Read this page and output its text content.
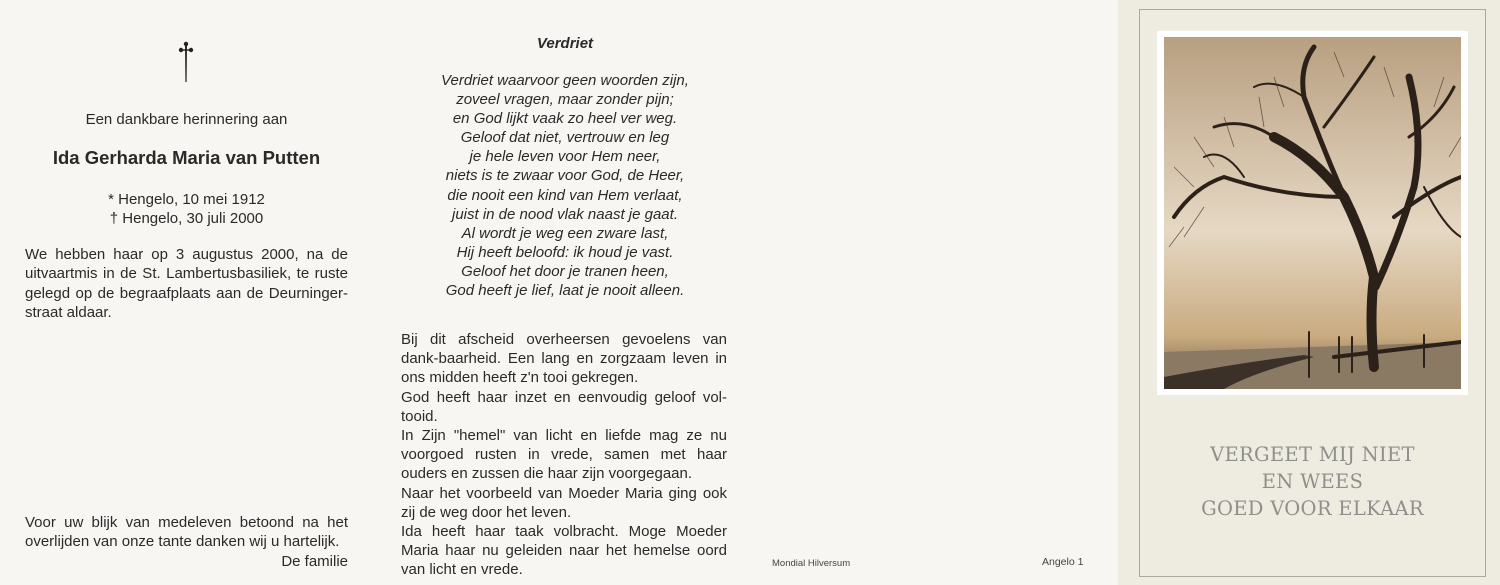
Een dankbare herinnering aan
Ida Gerharda Maria van Putten
* Hengelo, 10 mei 1912
† Hengelo, 30 juli 2000
We hebben haar op 3 augustus 2000, na de uitvaartmis in de St. Lambertusbasiliek, te ruste gelegd op de begraafplaats aan de Deurninger-straat aldaar.
Voor uw blijk van medeleven betoond na het overlijden van onze tante danken wij u hartelijk.
De familie
Verdriet
Verdriet waarvoor geen woorden zijn,
zoveel vragen, maar zonder pijn;
en God lijkt vaak zo heel ver weg.
Geloof dat niet, vertrouw en leg
je hele leven voor Hem neer,
niets is te zwaar voor God, de Heer,
die nooit een kind van Hem verlaat,
juist in de nood vlak naast je gaat.
Al wordt je weg een zware last,
Hij heeft beloofd: ik houd je vast.
Geloof het door je tranen heen,
God heeft je lief, laat je nooit alleen.
Bij dit afscheid overheersen gevoelens van dank-baarheid. Een lang en zorgzaam leven in ons midden heeft z'n tooi gekregen.
God heeft haar inzet en eenvoudig geloof vol-tooid.
In Zijn "hemel" van licht en liefde mag ze nu voorgoed rusten in vrede, samen met haar ouders en zussen die haar zijn voorgegaan.
Naar het voorbeeld van Moeder Maria ging ook zij de weg door het leven.
Ida heeft haar taak volbracht. Moge Moeder Maria haar nu geleiden naar het hemelse oord van licht en vrede.	Mondial Hilversum	Angelo 1
VERGEET MIJ NIET
EN WEES
GOED VOOR ELKAAR
